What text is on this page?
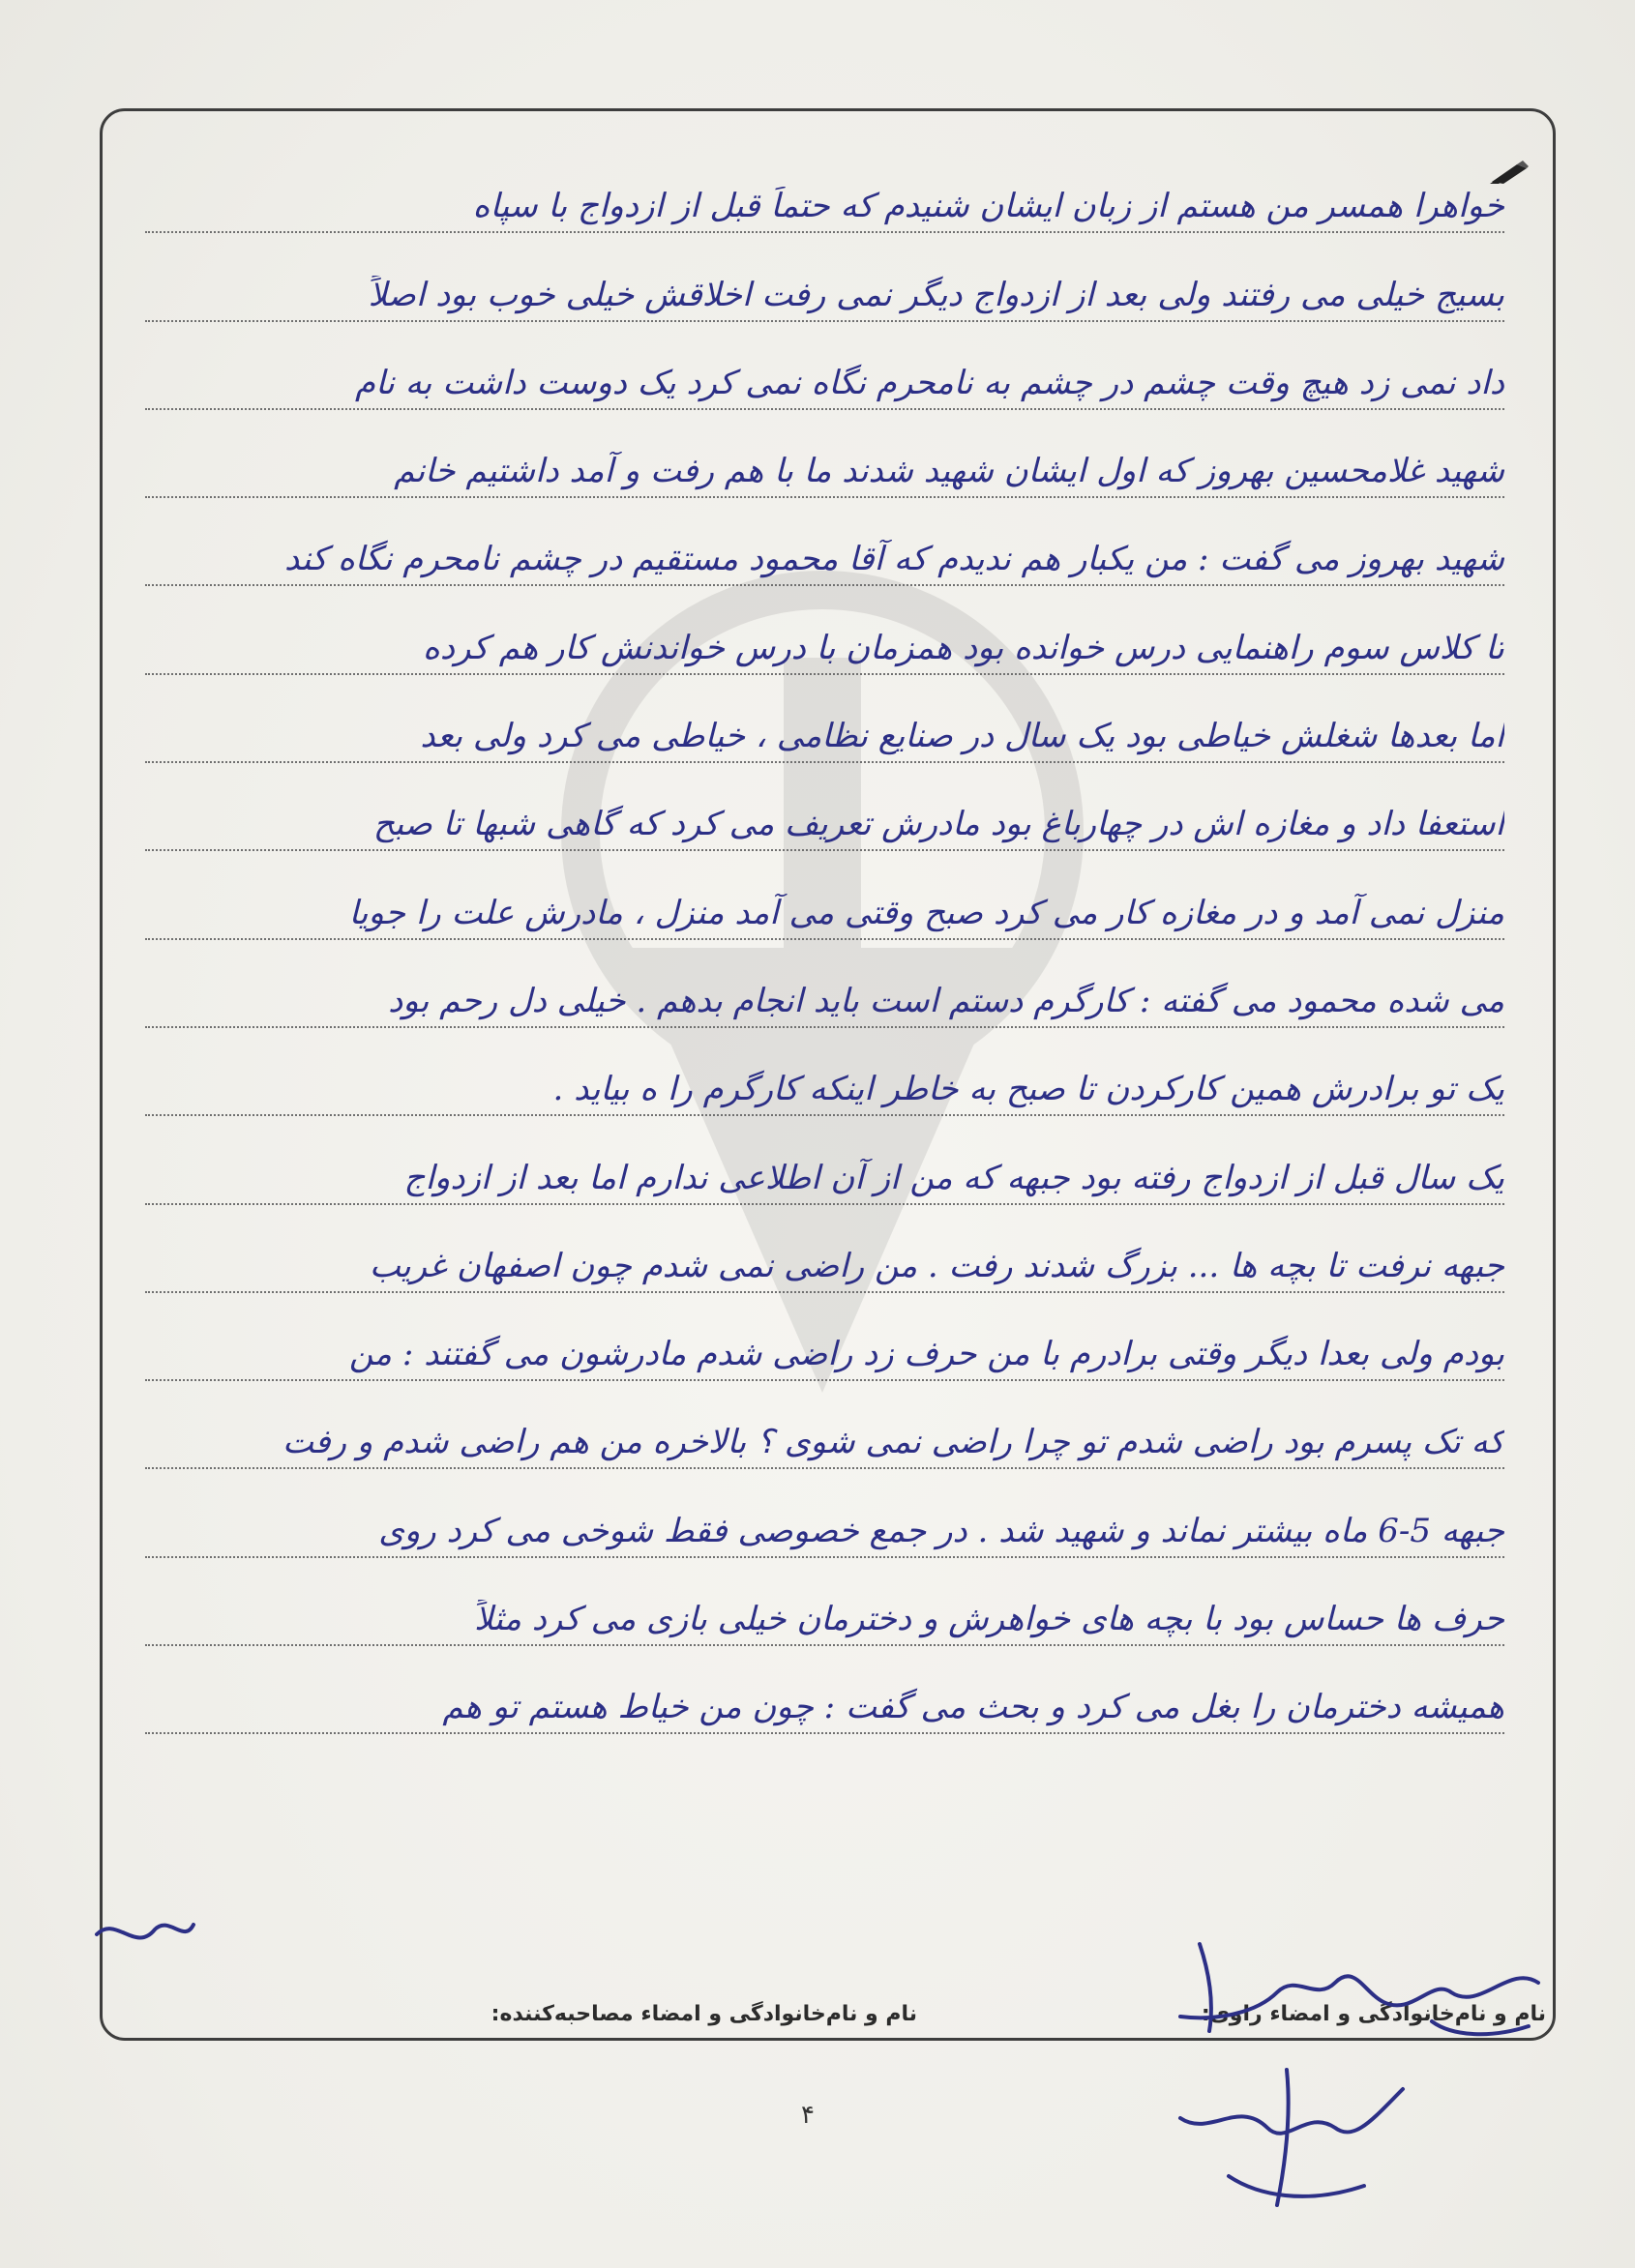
خواهرا همسر من هستم از زبان ایشان شنیدم که حتماً قبل از ازدواج با سپاه
بسیج خیلی می رفتند ولی بعد از ازدواج دیگر نمی رفت اخلاقش خیلی خوب بود اصلاً
داد نمی زد هیچ وقت چشم در چشم به نامحرم نگاه نمی کرد یک دوست داشت به نام
شهید غلامحسین بهروز که اول ایشان شهید شدند ما با هم رفت و آمد داشتیم خانم
شهید بهروز می گفت : من یکبار هم ندیدم که آقا محمود مستقیم در چشم نامحرم نگاه کند
تا کلاس سوم راهنمایی درس خوانده بود همزمان با درس خواندنش کار هم کرده
اما بعدها شغلش خیاطی بود یک سال در صنایع نظامی ، خیاطی می کرد ولی بعد
استعفا داد و مغازه اش در چهارباغ بود مادرش تعریف می کرد که گاهی شبها تا صبح
منزل نمی آمد و در مغازه کار می کرد صبح وقتی می آمد منزل ، مادرش علت را جویا
می شده محمود می گفته : کارگرم دستم است باید انجام بدهم . خیلی دل رحم بود
یک تو برادرش همین کارکردن تا صبح به خاطر اینکه کارگرم را ه بیاید .
یک سال قبل از ازدواج رفته بود جبهه که من از آن اطلاعی ندارم اما بعد از ازدواج
جبهه نرفت تا بچه ها ... بزرگ شدند رفت . من راضی نمی شدم چون اصفهان غریب
بودم ولی بعدا دیگر وقتی برادرم با من حرف زد راضی شدم مادرشون می گفتند : من
که تک پسرم بود راضی شدم تو چرا راضی نمی شوی ؟ بالاخره من هم راضی شدم و رفت
جبهه 5-6 ماه بیشتر نماند و شهید شد . در جمع خصوصی فقط شوخی می کرد روی
حرف ها حساس بود با بچه های خواهرش و دخترمان خیلی بازی می کرد مثلاً
همیشه دخترمان را بغل می کرد و بحث می گفت : چون من خیاط هستم تو هم
نام و نام‌خانوادگی و امضاء راوی:
نام و نام‌خانوادگی و امضاء مصاحبه‌کننده:
۴
